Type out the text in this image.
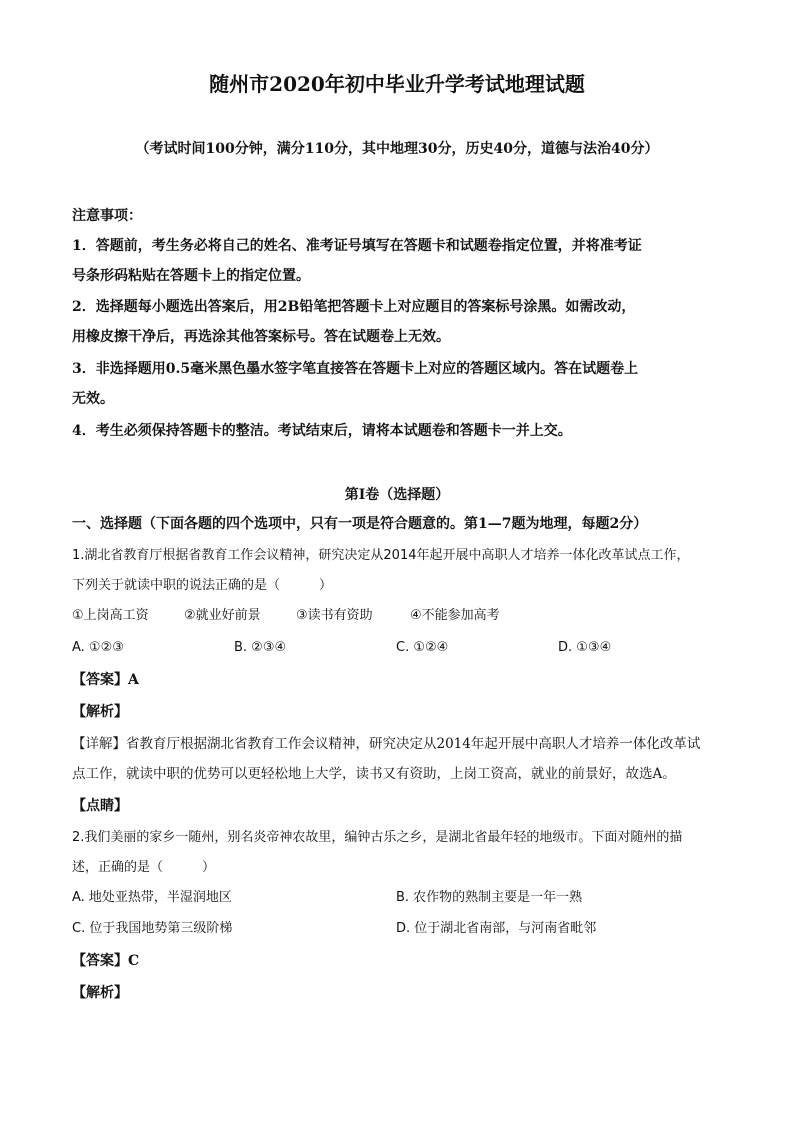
随州市2020年初中毕业升学考试地理试题
（考试时间100分钟，满分110分，其中地理30分，历史40分，道德与法治40分）
注意事项：
1．答题前，考生务必将自己的姓名、准考证号填写在答题卡和试题卷指定位置，并将准考证
号条形码粘贴在答题卡上的指定位置。
2．选择题每小题选出答案后，用2B铅笔把答题卡上对应题目的答案标号涂黑。如需改动，
用橡皮擦干净后，再选涂其他答案标号。答在试题卷上无效。
3．非选择题用0.5毫米黑色墨水签字笔直接答在答题卡上对应的答题区域内。答在试题卷上
无效。
4．考生必须保持答题卡的整洁。考试结束后，请将本试题卷和答题卡一并上交。
第Ⅰ卷（选择题）
一、选择题（下面各题的四个选项中，只有一项是符合题意的。第1—7题为地理，每题2分）
1.湖北省教育厅根据省教育工作会议精神，研究决定从2014年起开展中高职人才培养一体化改革试点工作，
下列关于就读中职的说法正确的是（　　　）
①上岗高工资	②就业好前景	③读书有资助	④不能参加高考
A. ①②③	B. ②③④	C. ①②④	D. ①③④
【答案】A
【解析】
【详解】省教育厅根据湖北省教育工作会议精神，研究决定从2014年起开展中高职人才培养一体化改革试
点工作，就读中职的优势可以更轻松地上大学，读书又有资助，上岗工资高，就业的前景好，故选A。
【点睛】
2.我们美丽的家乡一随州，别名炎帝神农故里，编钟古乐之乡，是湖北省最年轻的地级市。下面对随州的描
述，正确的是（　　　）
A. 地处亚热带，半湿润地区	B. 农作物的熟制主要是一年一熟
C. 位于我国地势第三级阶梯	D. 位于湖北省南部，与河南省毗邻
【答案】C
【解析】
